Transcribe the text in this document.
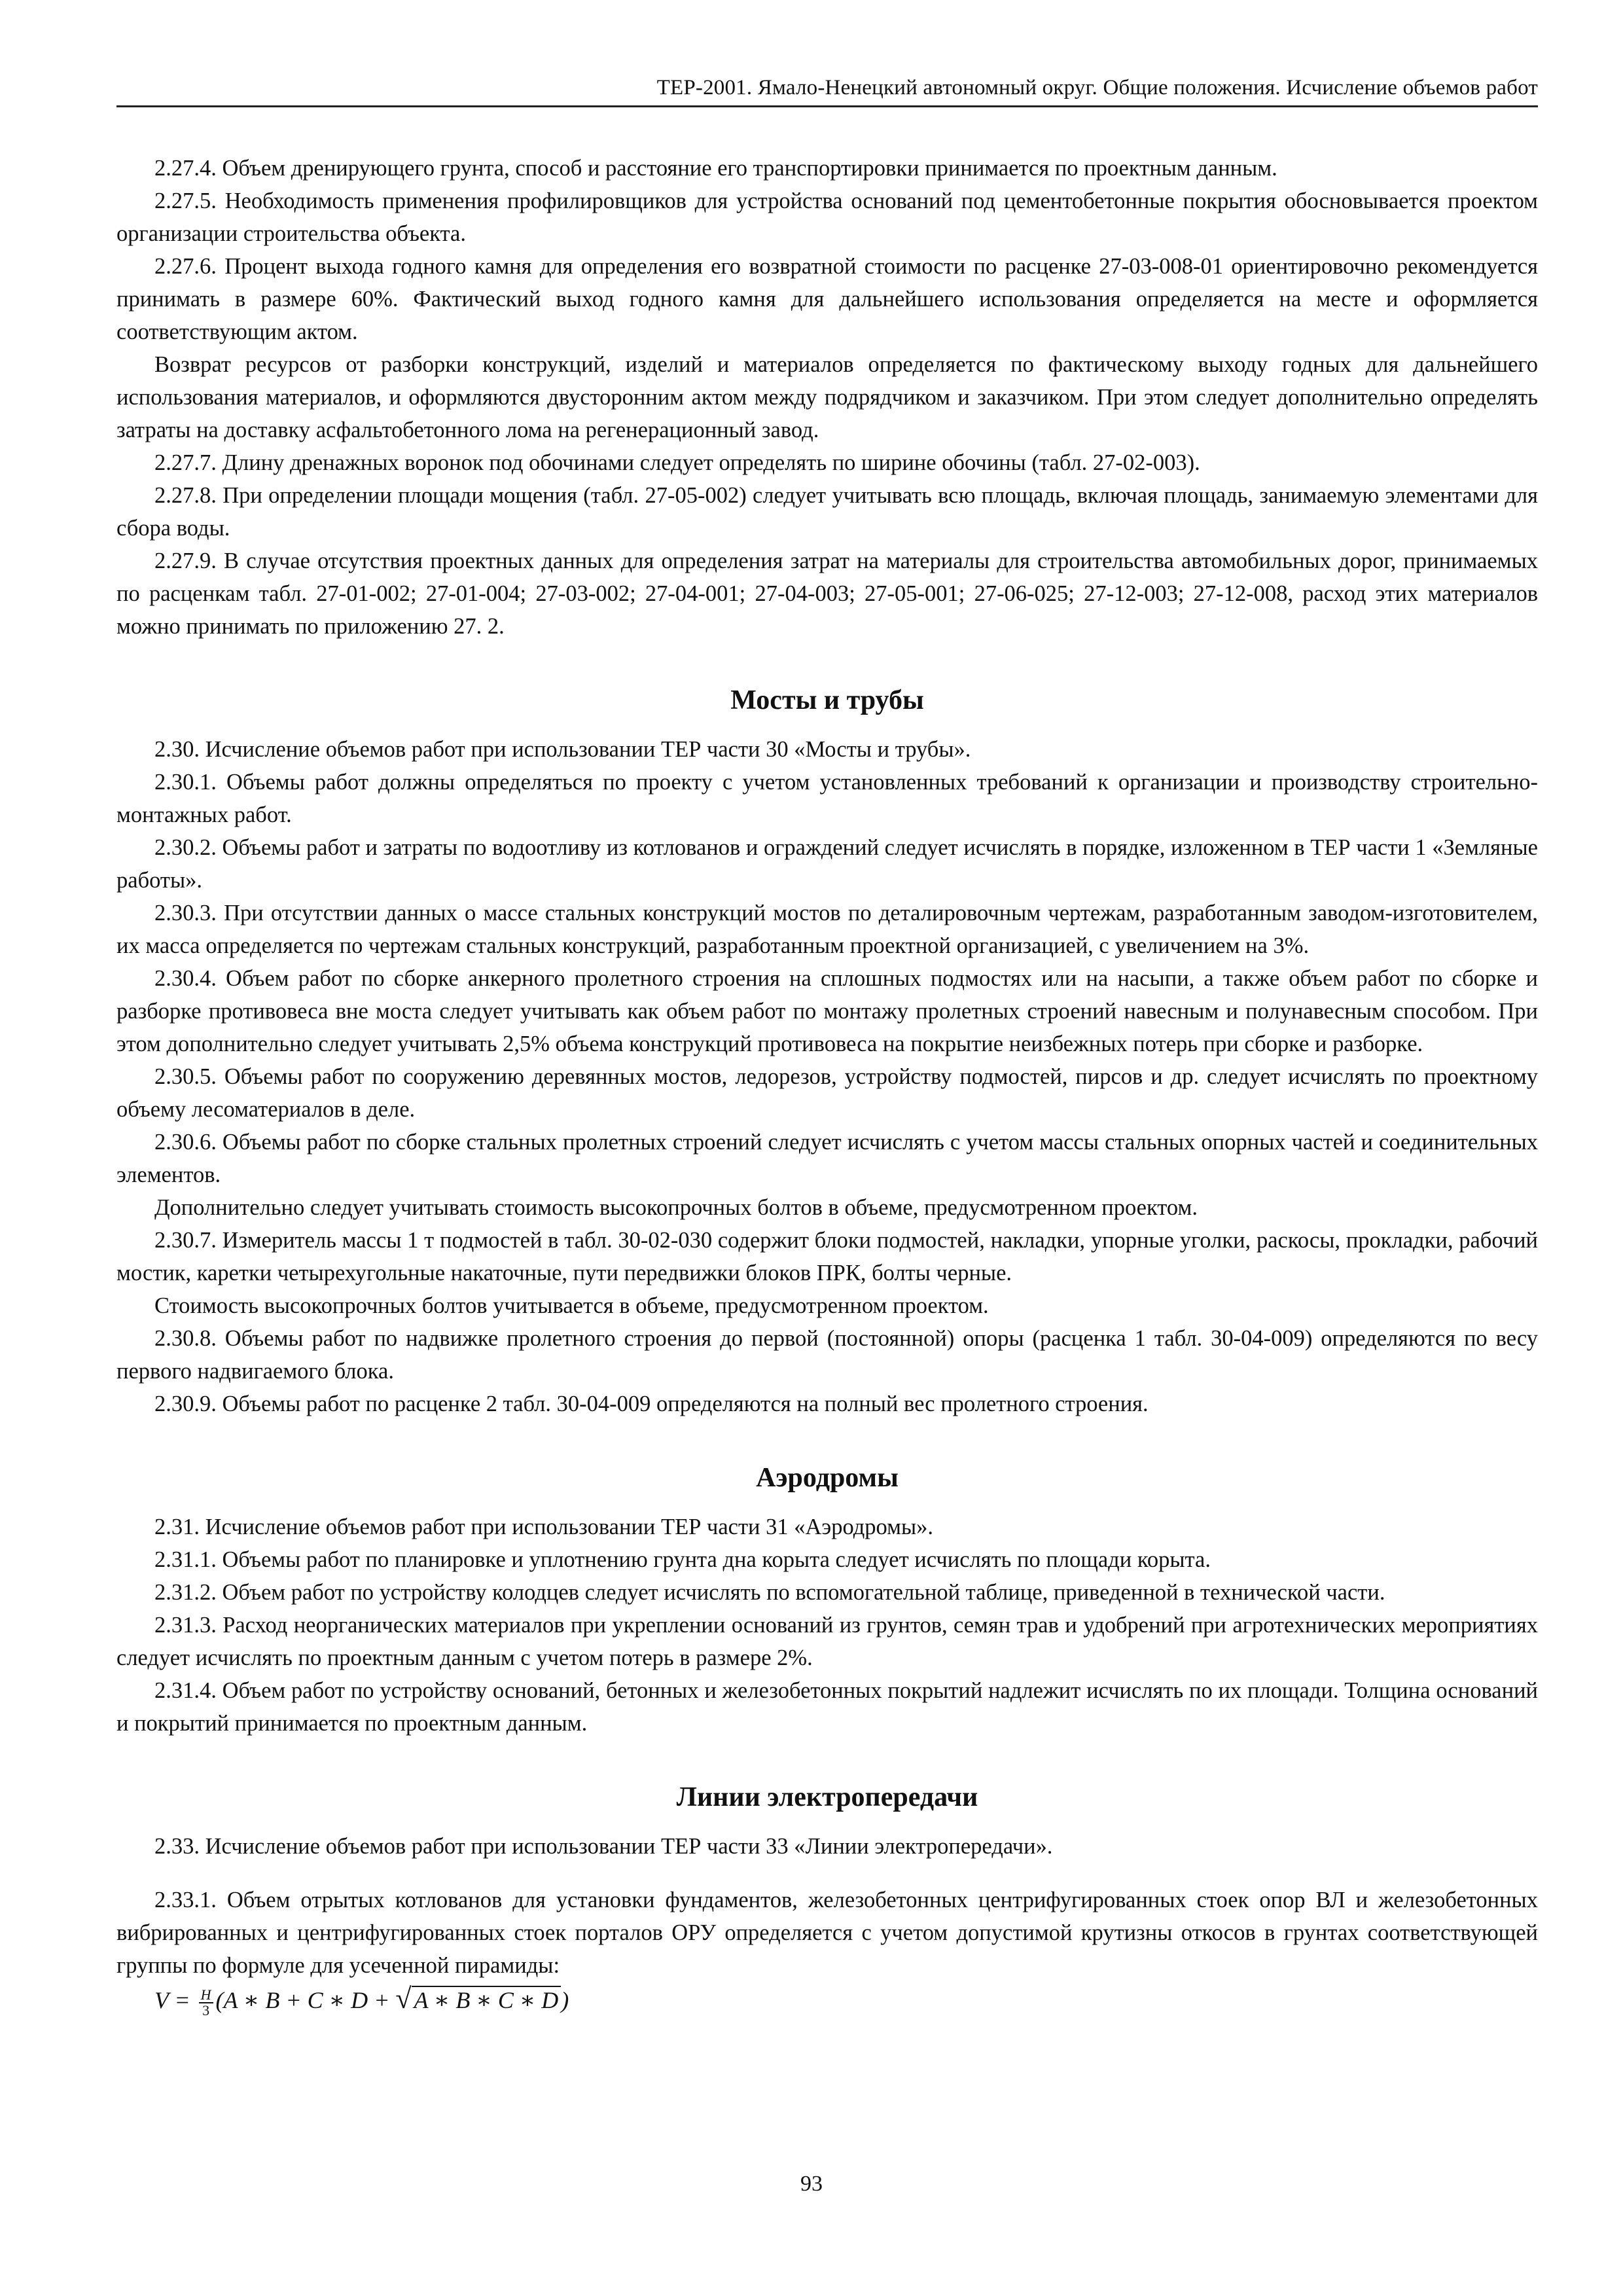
ТЕР-2001. Ямало-Ненецкий автономный округ. Общие положения. Исчисление объемов работ

2.27.4. Объем дренирующего грунта, способ и расстояние его транспортировки принимается по проектным данным.

2.27.5. Необходимость применения профилировщиков для устройства оснований под цементобетонные покрытия обосновывается проектом организации строительства объекта.

2.27.6. Процент выхода годного камня для определения его возвратной стоимости по расценке 27-03-008-01 ориентировочно рекомендуется принимать в размере 60%. Фактический выход годного камня для дальнейшего использования определяется на месте и оформляется соответствующим актом.

Возврат ресурсов от разборки конструкций, изделий и материалов определяется по фактическому выходу годных для дальнейшего использования материалов, и оформляются двусторонним актом между подрядчиком и заказчиком. При этом следует дополнительно определять затраты на доставку асфальтобетонного лома на регенерационный завод.

2.27.7. Длину дренажных воронок под обочинами следует определять по ширине обочины (табл. 27-02-003).

2.27.8. При определении площади мощения (табл. 27-05-002) следует учитывать всю площадь, включая площадь, занимаемую элементами для сбора воды.

2.27.9. В случае отсутствия проектных данных для определения затрат на материалы для строительства автомобильных дорог, принимаемых по расценкам табл. 27-01-002; 27-01-004; 27-03-002; 27-04-001; 27-04-003; 27-05-001; 27-06-025; 27-12-003; 27-12-008, расход этих материалов можно принимать по приложению 27. 2.

Мосты и трубы

2.30. Исчисление объемов работ при использовании ТЕР части 30 «Мосты и трубы».

2.30.1. Объемы работ должны определяться по проекту с учетом установленных требований к организации и производству строительно-монтажных работ.

2.30.2. Объемы работ и затраты по водоотливу из котлованов и ограждений следует исчислять в порядке, изложенном в ТЕР части 1 «Земляные работы».

2.30.3. При отсутствии данных о массе стальных конструкций мостов по деталировочным чертежам, разработанным заводом-изготовителем, их масса определяется по чертежам стальных конструкций, разработанным проектной организацией, с увеличением на 3%.

2.30.4. Объем работ по сборке анкерного пролетного строения на сплошных подмостях или на насыпи, а также объем работ по сборке и разборке противовеса вне моста следует учитывать как объем работ по монтажу пролетных строений навесным и полунавесным способом. При этом дополнительно следует учитывать 2,5% объема конструкций противовеса на покрытие неизбежных потерь при сборке и разборке.

2.30.5. Объемы работ по сооружению деревянных мостов, ледорезов, устройству подмостей, пирсов и др. следует исчислять по проектному объему лесоматериалов в деле.

2.30.6. Объемы работ по сборке стальных пролетных строений следует исчислять с учетом массы стальных опорных частей и соединительных элементов.

Дополнительно следует учитывать стоимость высокопрочных болтов в объеме, предусмотренном проектом.

2.30.7. Измеритель массы 1 т подмостей в табл. 30-02-030 содержит блоки подмостей, накладки, упорные уголки, раскосы, прокладки, рабочий мостик, каретки четырехугольные накаточные, пути передвижки блоков ПРК, болты черные.

Стоимость высокопрочных болтов учитывается в объеме, предусмотренном проектом.

2.30.8. Объемы работ по надвижке пролетного строения до первой (постоянной) опоры (расценка 1 табл. 30-04-009) определяются по весу первого надвигаемого блока.

2.30.9. Объемы работ по расценке 2 табл. 30-04-009 определяются на полный вес пролетного строения.

Аэродромы

2.31. Исчисление объемов работ при использовании ТЕР части 31 «Аэродромы».

2.31.1. Объемы работ по планировке и уплотнению грунта дна корыта следует исчислять по площади корыта.

2.31.2. Объем работ по устройству колодцев следует исчислять по вспомогательной таблице, приведенной в технической части.

2.31.3. Расход неорганических материалов при укреплении оснований из грунтов, семян трав и удобрений при агротехнических мероприятиях следует исчислять по проектным данным с учетом потерь в размере 2%.

2.31.4. Объем работ по устройству оснований, бетонных и железобетонных покрытий надлежит исчислять по их площади. Толщина оснований и покрытий принимается по проектным данным.

Линии электропередачи

2.33. Исчисление объемов работ при использовании ТЕР части 33 «Линии электропередачи».

2.33.1. Объем отрытых котлованов для установки фундаментов, железобетонных центрифугированных стоек опор ВЛ и железобетонных вибрированных и центрифугированных стоек порталов ОРУ определяется с учетом допустимой крутизны откосов в грунтах соответствующей группы по формуле для усеченной пирамиды:

$V = \frac{H}{3} (A$ ∗ B + C ∗ D + √ A ∗ B ∗ C ∗ D )
93
